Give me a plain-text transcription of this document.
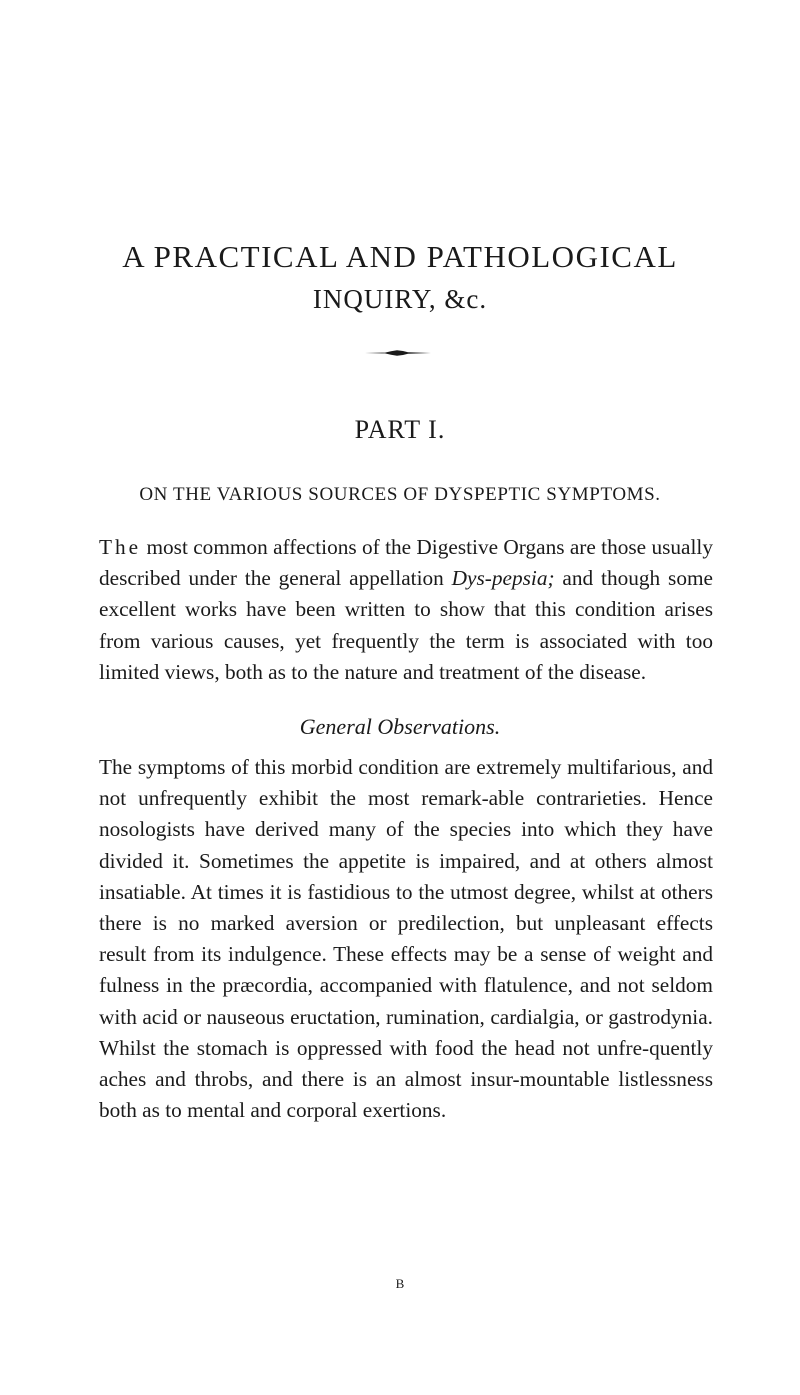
A PRACTICAL AND PATHOLOGICAL
INQUIRY, &c.
PART I.
ON THE VARIOUS SOURCES OF DYSPEPTIC SYMPTOMS.
The most common affections of the Digestive Organs are those usually described under the general appellation Dys-pepsia; and though some excellent works have been written to show that this condition arises from various causes, yet frequently the term is associated with too limited views, both as to the nature and treatment of the disease.
General Observations.
The symptoms of this morbid condition are extremely multifarious, and not unfrequently exhibit the most remark-able contrarieties. Hence nosologists have derived many of the species into which they have divided it. Sometimes the appetite is impaired, and at others almost insatiable. At times it is fastidious to the utmost degree, whilst at others there is no marked aversion or predilection, but unpleasant effects result from its indulgence. These effects may be a sense of weight and fulness in the præcordia, accompanied with flatulence, and not seldom with acid or nauseous eructation, rumination, cardialgia, or gastrodynia. Whilst the stomach is oppressed with food the head not unfre-quently aches and throbs, and there is an almost insur-mountable listlessness both as to mental and corporal exertions.
B
